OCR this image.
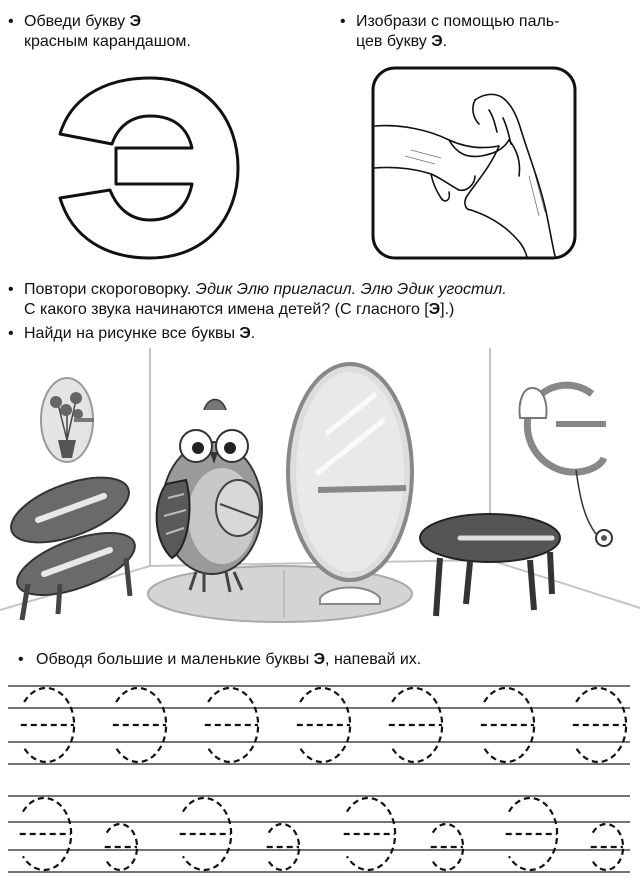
• Обведи букву Э
красным карандашом.
• Изобрази с помощью паль-
цев букву Э.
• Повтори скороговорку. Эдик Элю пригласил. Элю Эдик угостил.
С какого звука начинаются имена детей? (С гласного [Э].)
• Найди на рисунке все буквы Э.
• Обводя большие и маленькие буквы Э, напевай их.
